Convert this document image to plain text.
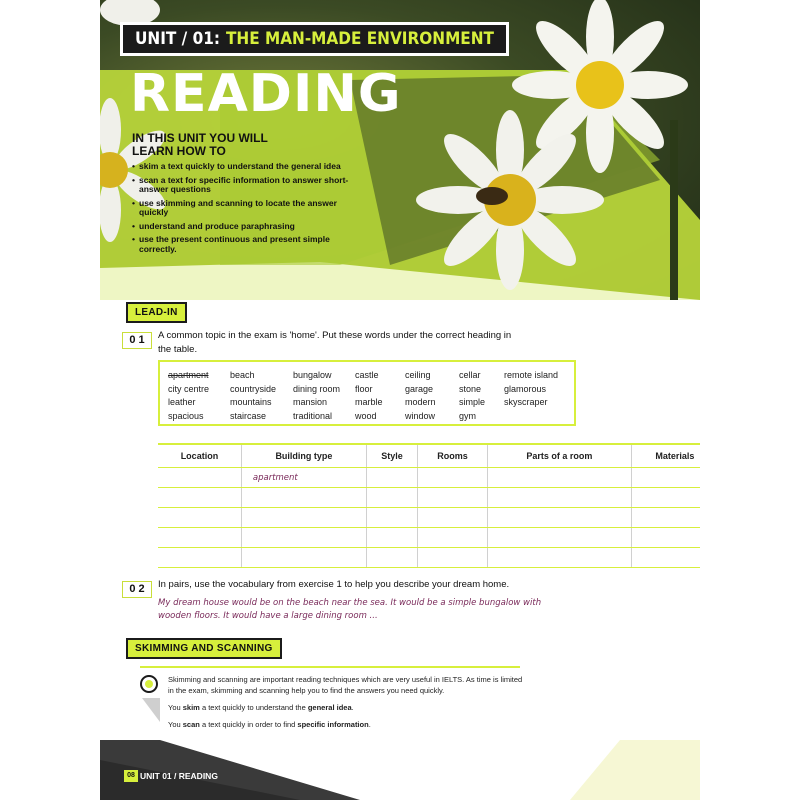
UNIT / 01: THE MAN-MADE ENVIRONMENT
READING
IN THIS UNIT YOU WILL LEARN HOW TO
• skim a text quickly to understand the general idea
• scan a text for specific information to answer short-answer questions
• use skimming and scanning to locate the answer quickly
• understand and produce paraphrasing
• use the present continuous and present simple correctly.
LEAD-IN
0 1	A common topic in the exam is 'home'. Put these words under the correct heading in the table.
apartment	beach	bungalow	castle	ceiling	cellar	remote island
city centre	countryside	dining room	floor	garage	stone	glamorous
leather	mountains	mansion	marble	modern	simple	skyscraper
spacious	staircase	traditional	wood	window	gym
Location	Building type	Style	Rooms	Parts of a room	Materials
	apartment				

0 2	In pairs, use the vocabulary from exercise 1 to help you describe your dream home.
My dream house would be on the beach near the sea. It would be a simple bungalow with wooden floors. It would have a large dining room ...
SKIMMING AND SCANNING
Skimming and scanning are important reading techniques which are very useful in IELTS. As time is limited in the exam, skimming and scanning help you to find the answers you need quickly.
You skim a text quickly to understand the general idea.
You scan a text quickly in order to find specific information.
08 UNIT 01 / READING
